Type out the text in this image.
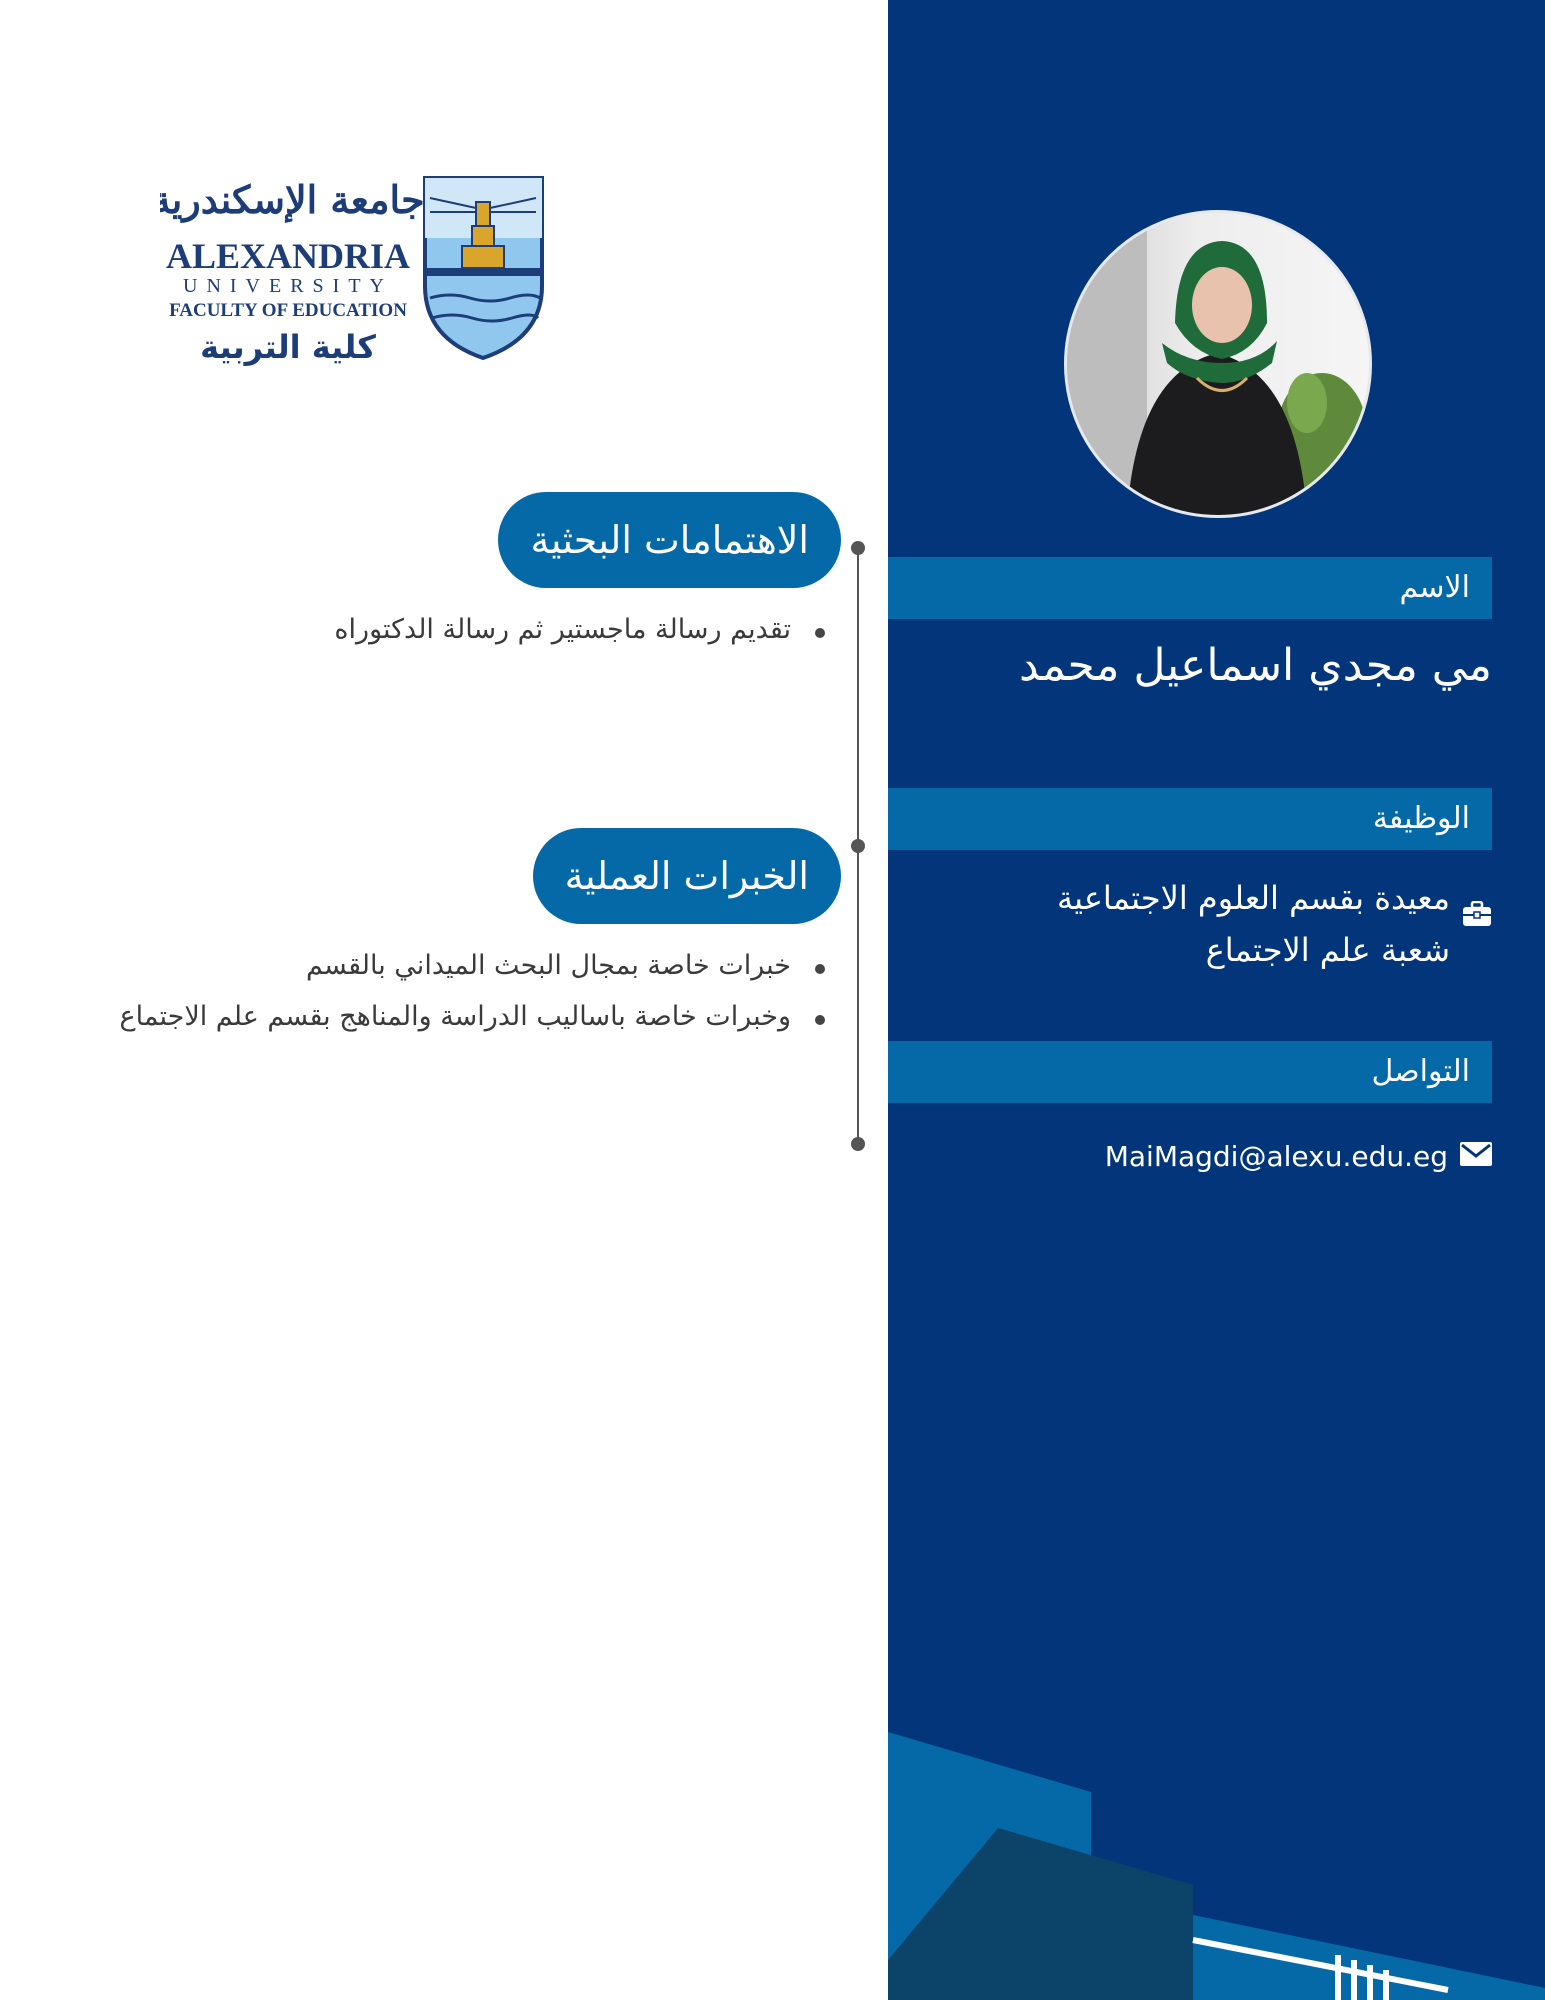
جامعة الإسكندرية
ALEXANDRIA
UNIVERSITY
FACULTY OF EDUCATION
كلية التربية
الاهتمامات البحثية
تقديم رسالة ماجستير ثم رسالة الدكتوراه
الخبرات العملية
خبرات خاصة بمجال البحث الميداني بالقسم
وخبرات خاصة باساليب الدراسة والمناهج بقسم علم الاجتماع
الاسم
مي مجدي اسماعيل محمد
الوظيفة
معيدة بقسم العلوم الاجتماعية
شعبة علم الاجتماع
التواصل
MaiMagdi@alexu.edu.eg
